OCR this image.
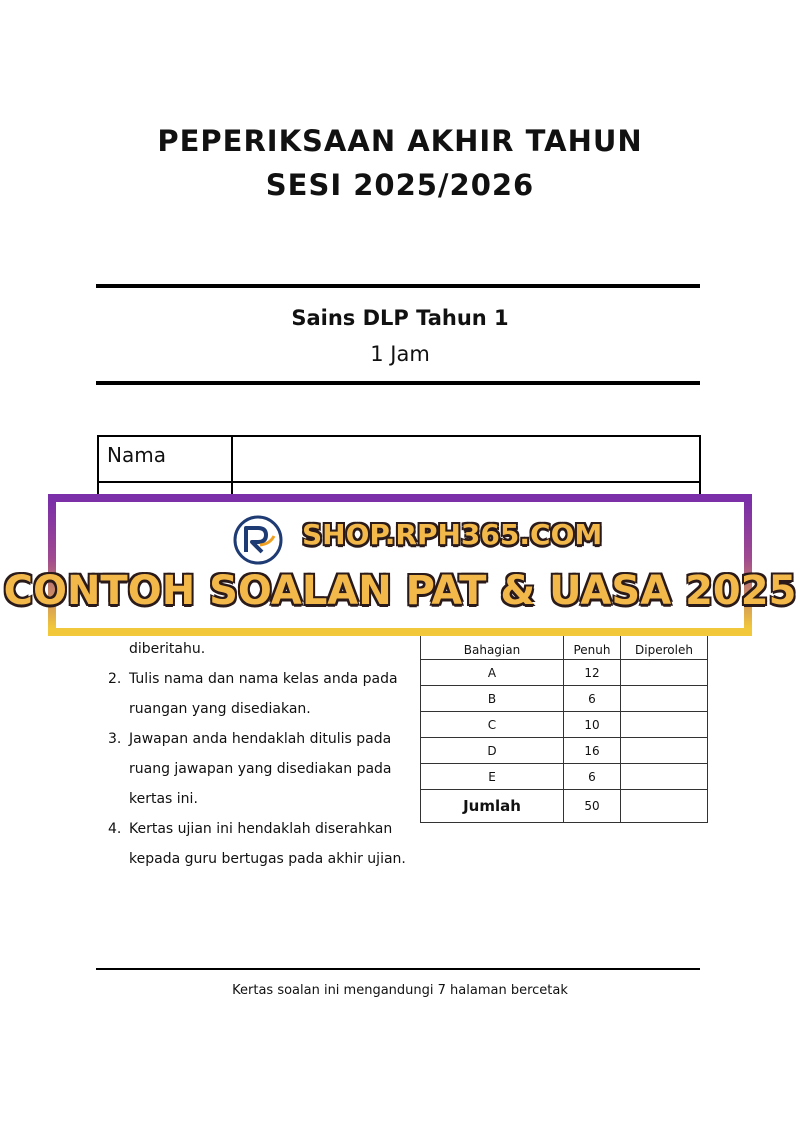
PEPERIKSAAN AKHIR TAHUN
SESI 2025/2026
Sains DLP Tahun 1
1 Jam
Nama
Bahagian	Penuh	Diperoleh
A	12	
B	6	
C	10	
D	16	
E	6	
Jumlah	50	
diberitahu.
2. Tulis nama dan nama kelas anda pada
ruangan yang disediakan.
3. Jawapan anda hendaklah ditulis pada
ruang jawapan yang disediakan pada
kertas ini.
4. Kertas ujian ini hendaklah diserahkan
kepada guru bertugas pada akhir ujian.
SHOP.RPH365.COM
CONTOH SOALAN PAT & UASA 2025
Kertas soalan ini mengandungi 7 halaman bercetak
